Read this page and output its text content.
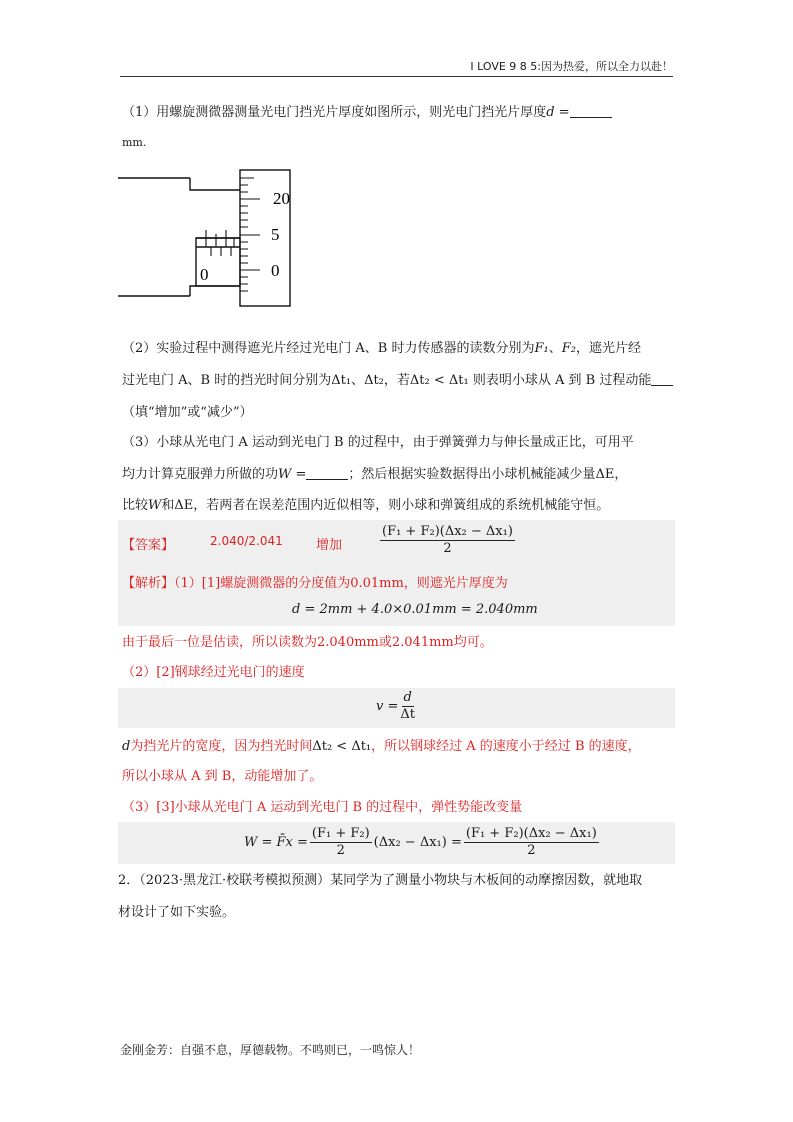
I LOVE 9 8 5:因为热爱，所以全力以赴！
（1）用螺旋测微器测量光电门挡光片厚度如图所示，则光电门挡光片厚度d =
mm.
20
5
0
0
（2）实验过程中测得遮光片经过光电门 A、B 时力传感器的读数分别为F₁、F₂，遮光片经
过光电门 A、B 时的挡光时间分别为Δt₁、Δt₂，若Δt₂ < Δt₁ 则表明小球从 A 到 B 过程动能
（填“增加”或“减少”）
（3）小球从光电门 A 运动到光电门 B 的过程中，由于弹簧弹力与伸长量成正比，可用平
均力计算克服弹力所做的功W =	；然后根据实验数据得出小球机械能减少量ΔE，
比较W和ΔE，若两者在误差范围内近似相等，则小球和弹簧组成的系统机械能守恒。
【答案】	2.040/2.041	增加	$\frac{\text{(F₁ + F₂)(Δx₂ − Δx₁)}}{2}$
【解析】（1）[1]螺旋测微器的分度值为0.01mm，则遮光片厚度为
d = 2mm + 4.0×0.01mm = 2.040mm
由于最后一位是估读，所以读数为2.040mm或2.041mm均可。
（2）[2]钢球经过光电门的速度
$v = \frac{d}{\Delta t}$
d为挡光片的宽度，因为挡光时间Δt₂ < Δt₁，所以钢球经过 A 的速度小于经过 B 的速度，
所以小球从 A 到 B，动能增加了。
（3）[3]小球从光电门 A 运动到光电门 B 的过程中，弹性势能改变量
W = F̄x = $\frac{\text{(F₁ + F₂)}}{2} (\Delta x_2 - \Delta x_1) = \frac{\text{(F₁ + F₂)(Δx₂ − Δx₁)}}{2}$
2．（2023·黑龙江·校联考模拟预测）某同学为了测量小物块与木板间的动摩擦因数，就地取
材设计了如下实验。
金刚金芳：自强不息，厚德载物。不鸣则已，一鸣惊人！
